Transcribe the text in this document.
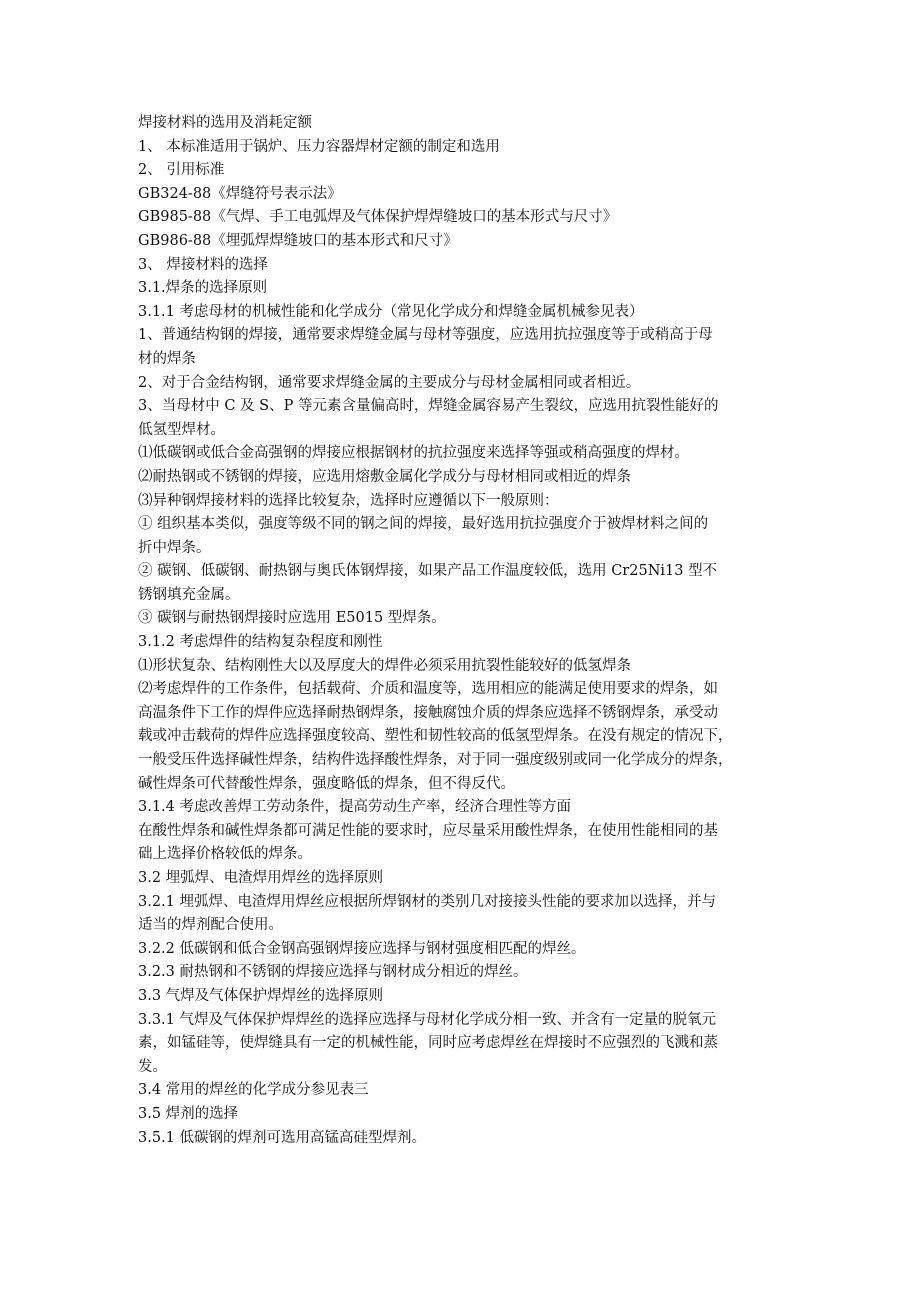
焊接材料的选用及消耗定额
1、 本标准适用于锅炉、压力容器焊材定额的制定和选用
2、 引用标准
GB324-88《焊缝符号表示法》
GB985-88《气焊、手工电弧焊及气体保护焊焊缝坡口的基本形式与尺寸》
GB986-88《埋弧焊焊缝坡口的基本形式和尺寸》
3、 焊接材料的选择
3.1.焊条的选择原则
3.1.1 考虑母材的机械性能和化学成分（常见化学成分和焊缝金属机械参见表）
1、普通结构钢的焊接，通常要求焊缝金属与母材等强度，应选用抗拉强度等于或稍高于母
材的焊条
2、对于合金结构钢，通常要求焊缝金属的主要成分与母材金属相同或者相近。
3、当母材中 C 及 S、P 等元素含量偏高时，焊缝金属容易产生裂纹，应选用抗裂性能好的
低氢型焊材。
⑴低碳钢或低合金高强钢的焊接应根据钢材的抗拉强度来选择等强或稍高强度的焊材。
⑵耐热钢或不锈钢的焊接，应选用熔敷金属化学成分与母材相同或相近的焊条
⑶异种钢焊接材料的选择比较复杂，选择时应遵循以下一般原则：
① 组织基本类似，强度等级不同的钢之间的焊接，最好选用抗拉强度介于被焊材料之间的
折中焊条。
② 碳钢、低碳钢、耐热钢与奥氏体钢焊接，如果产品工作温度较低，选用 Cr25Ni13 型不
锈钢填充金属。
③ 碳钢与耐热钢焊接时应选用 E5015 型焊条。
3.1.2 考虑焊件的结构复杂程度和刚性
⑴形状复杂、结构刚性大以及厚度大的焊件必须采用抗裂性能较好的低氢焊条
⑵考虑焊件的工作条件，包括载荷、介质和温度等，选用相应的能满足使用要求的焊条，如
高温条件下工作的焊件应选择耐热钢焊条，接触腐蚀介质的焊条应选择不锈钢焊条，承受动
载或冲击载荷的焊件应选择强度较高、塑性和韧性较高的低氢型焊条。在没有规定的情况下，
一般受压件选择碱性焊条，结构件选择酸性焊条，对于同一强度级别或同一化学成分的焊条，
碱性焊条可代替酸性焊条，强度略低的焊条，但不得反代。
3.1.4 考虑改善焊工劳动条件，提高劳动生产率，经济合理性等方面
在酸性焊条和碱性焊条都可满足性能的要求时，应尽量采用酸性焊条，在使用性能相同的基
础上选择价格较低的焊条。
3.2 埋弧焊、电渣焊用焊丝的选择原则
3.2.1 埋弧焊、电渣焊用焊丝应根据所焊钢材的类别几对接接头性能的要求加以选择，并与
适当的焊剂配合使用。
3.2.2 低碳钢和低合金钢高强钢焊接应选择与钢材强度相匹配的焊丝。
3.2.3 耐热钢和不锈钢的焊接应选择与钢材成分相近的焊丝。
3.3 气焊及气体保护焊焊丝的选择原则
3.3.1 气焊及气体保护焊焊丝的选择应选择与母材化学成分相一致、并含有一定量的脱氧元
素，如锰硅等，使焊缝具有一定的机械性能，同时应考虑焊丝在焊接时不应强烈的飞溅和蒸
发。
3.4 常用的焊丝的化学成分参见表三
3.5 焊剂的选择
3.5.1 低碳钢的焊剂可选用高锰高硅型焊剂。
